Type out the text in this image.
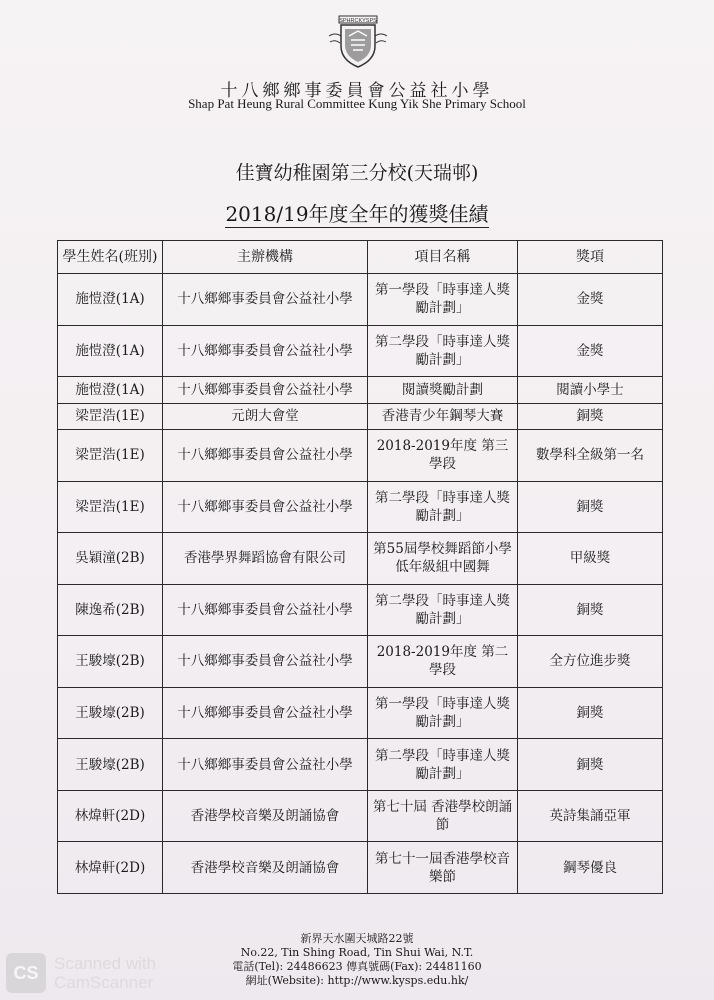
SPHRCKYSPS
十八鄉鄉事委員會公益社小學
Shap Pat Heung Rural Committee Kung Yik She Primary School
佳寶幼稚園第三分校(天瑞邨)
2018/19年度全年的獲獎佳績
學生姓名(班別)	主辦機構	項目名稱	獎項
施愷澄(1A)	十八鄉鄉事委員會公益社小學	第一學段「時事達人獎勵計劃」	金獎
施愷澄(1A)	十八鄉鄉事委員會公益社小學	第二學段「時事達人獎勵計劃」	金獎
施愷澄(1A)	十八鄉鄉事委員會公益社小學	閱讀獎勵計劃	閱讀小學士
梁罡浩(1E)	元朗大會堂	香港青少年鋼琴大賽	銅獎
梁罡浩(1E)	十八鄉鄉事委員會公益社小學	2018-2019年度 第三學段	數學科全級第一名
梁罡浩(1E)	十八鄉鄉事委員會公益社小學	第二學段「時事達人獎勵計劃」	銅獎
吳穎潼(2B)	香港學界舞蹈協會有限公司	第55屆學校舞蹈節小學低年級組中國舞	甲級獎
陳逸希(2B)	十八鄉鄉事委員會公益社小學	第二學段「時事達人獎勵計劃」	銅獎
王駿壕(2B)	十八鄉鄉事委員會公益社小學	2018-2019年度 第二學段	全方位進步獎
王駿壕(2B)	十八鄉鄉事委員會公益社小學	第一學段「時事達人獎勵計劃」	銅獎
王駿壕(2B)	十八鄉鄉事委員會公益社小學	第二學段「時事達人獎勵計劃」	銅獎
林煒軒(2D)	香港學校音樂及朗誦協會	第七十屆 香港學校朗誦節	英詩集誦亞軍
林煒軒(2D)	香港學校音樂及朗誦協會	第七十一屆香港學校音樂節	鋼琴優良
新界天水圍天城路22號
No.22, Tin Shing Road, Tin Shui Wai, N.T.
電話(Tel): 24486623 傳真號碼(Fax): 24481160
網址(Website): http://www.kysps.edu.hk/
CS Scanned with
CamScanner
